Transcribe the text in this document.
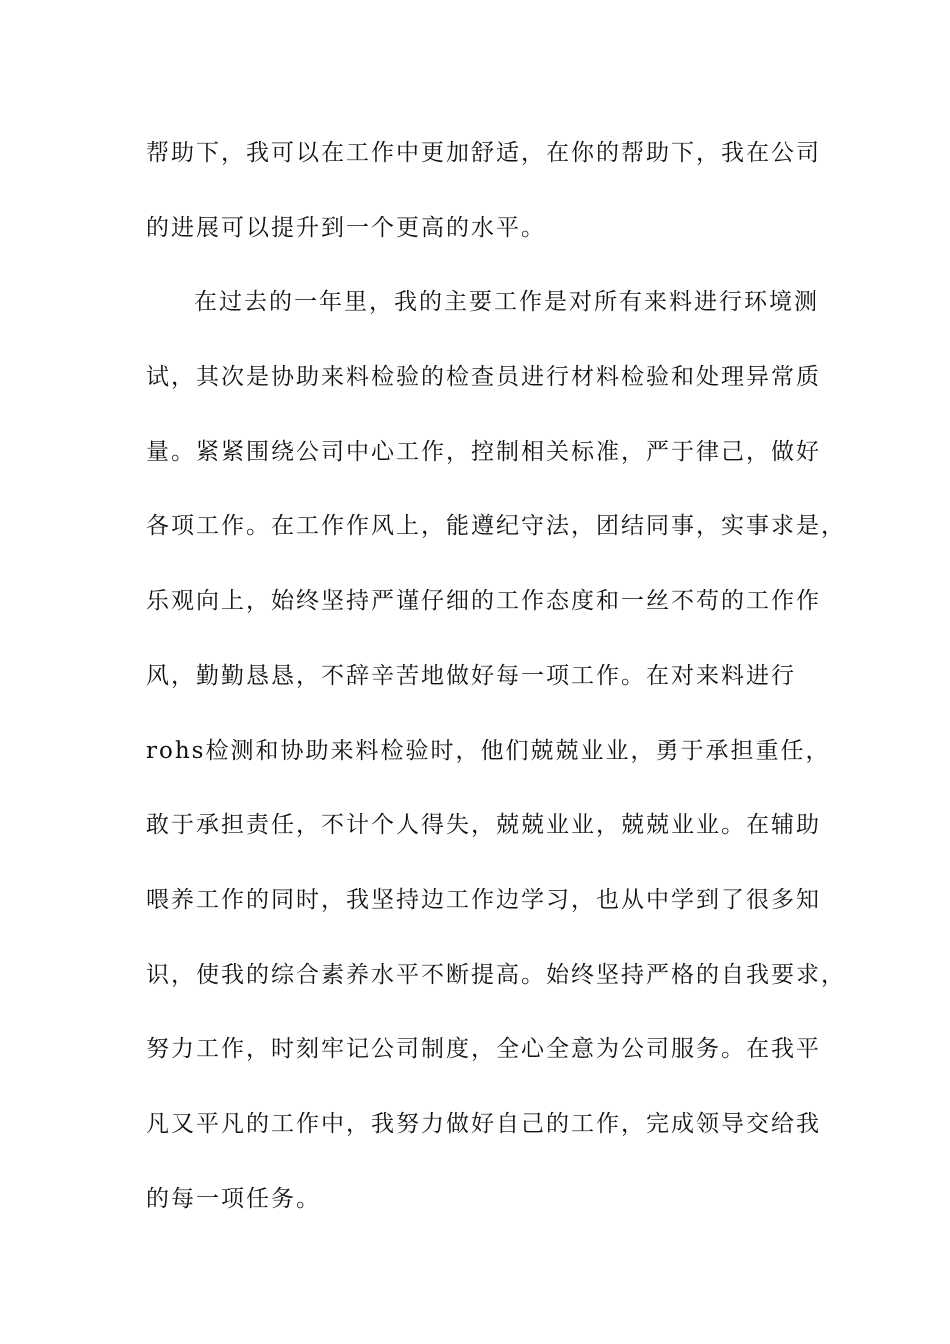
帮助下，我可以在工作中更加舒适，在你的帮助下，我在公司
的进展可以提升到一个更高的水平。
在过去的一年里，我的主要工作是对所有来料进行环境测
试，其次是协助来料检验的检查员进行材料检验和处理异常质
量。紧紧围绕公司中心工作，控制相关标准，严于律己，做好
各项工作。在工作作风上，能遵纪守法，团结同事，实事求是，
乐观向上，始终坚持严谨仔细的工作态度和一丝不苟的工作作
风，勤勤恳恳，不辞辛苦地做好每一项工作。在对来料进行
rohs检测和协助来料检验时，他们兢兢业业，勇于承担重任，
敢于承担责任，不计个人得失，兢兢业业，兢兢业业。在辅助
喂养工作的同时，我坚持边工作边学习，也从中学到了很多知
识，使我的综合素养水平不断提高。始终坚持严格的自我要求，
努力工作，时刻牢记公司制度，全心全意为公司服务。在我平
凡又平凡的工作中，我努力做好自己的工作，完成领导交给我
的每一项任务。
